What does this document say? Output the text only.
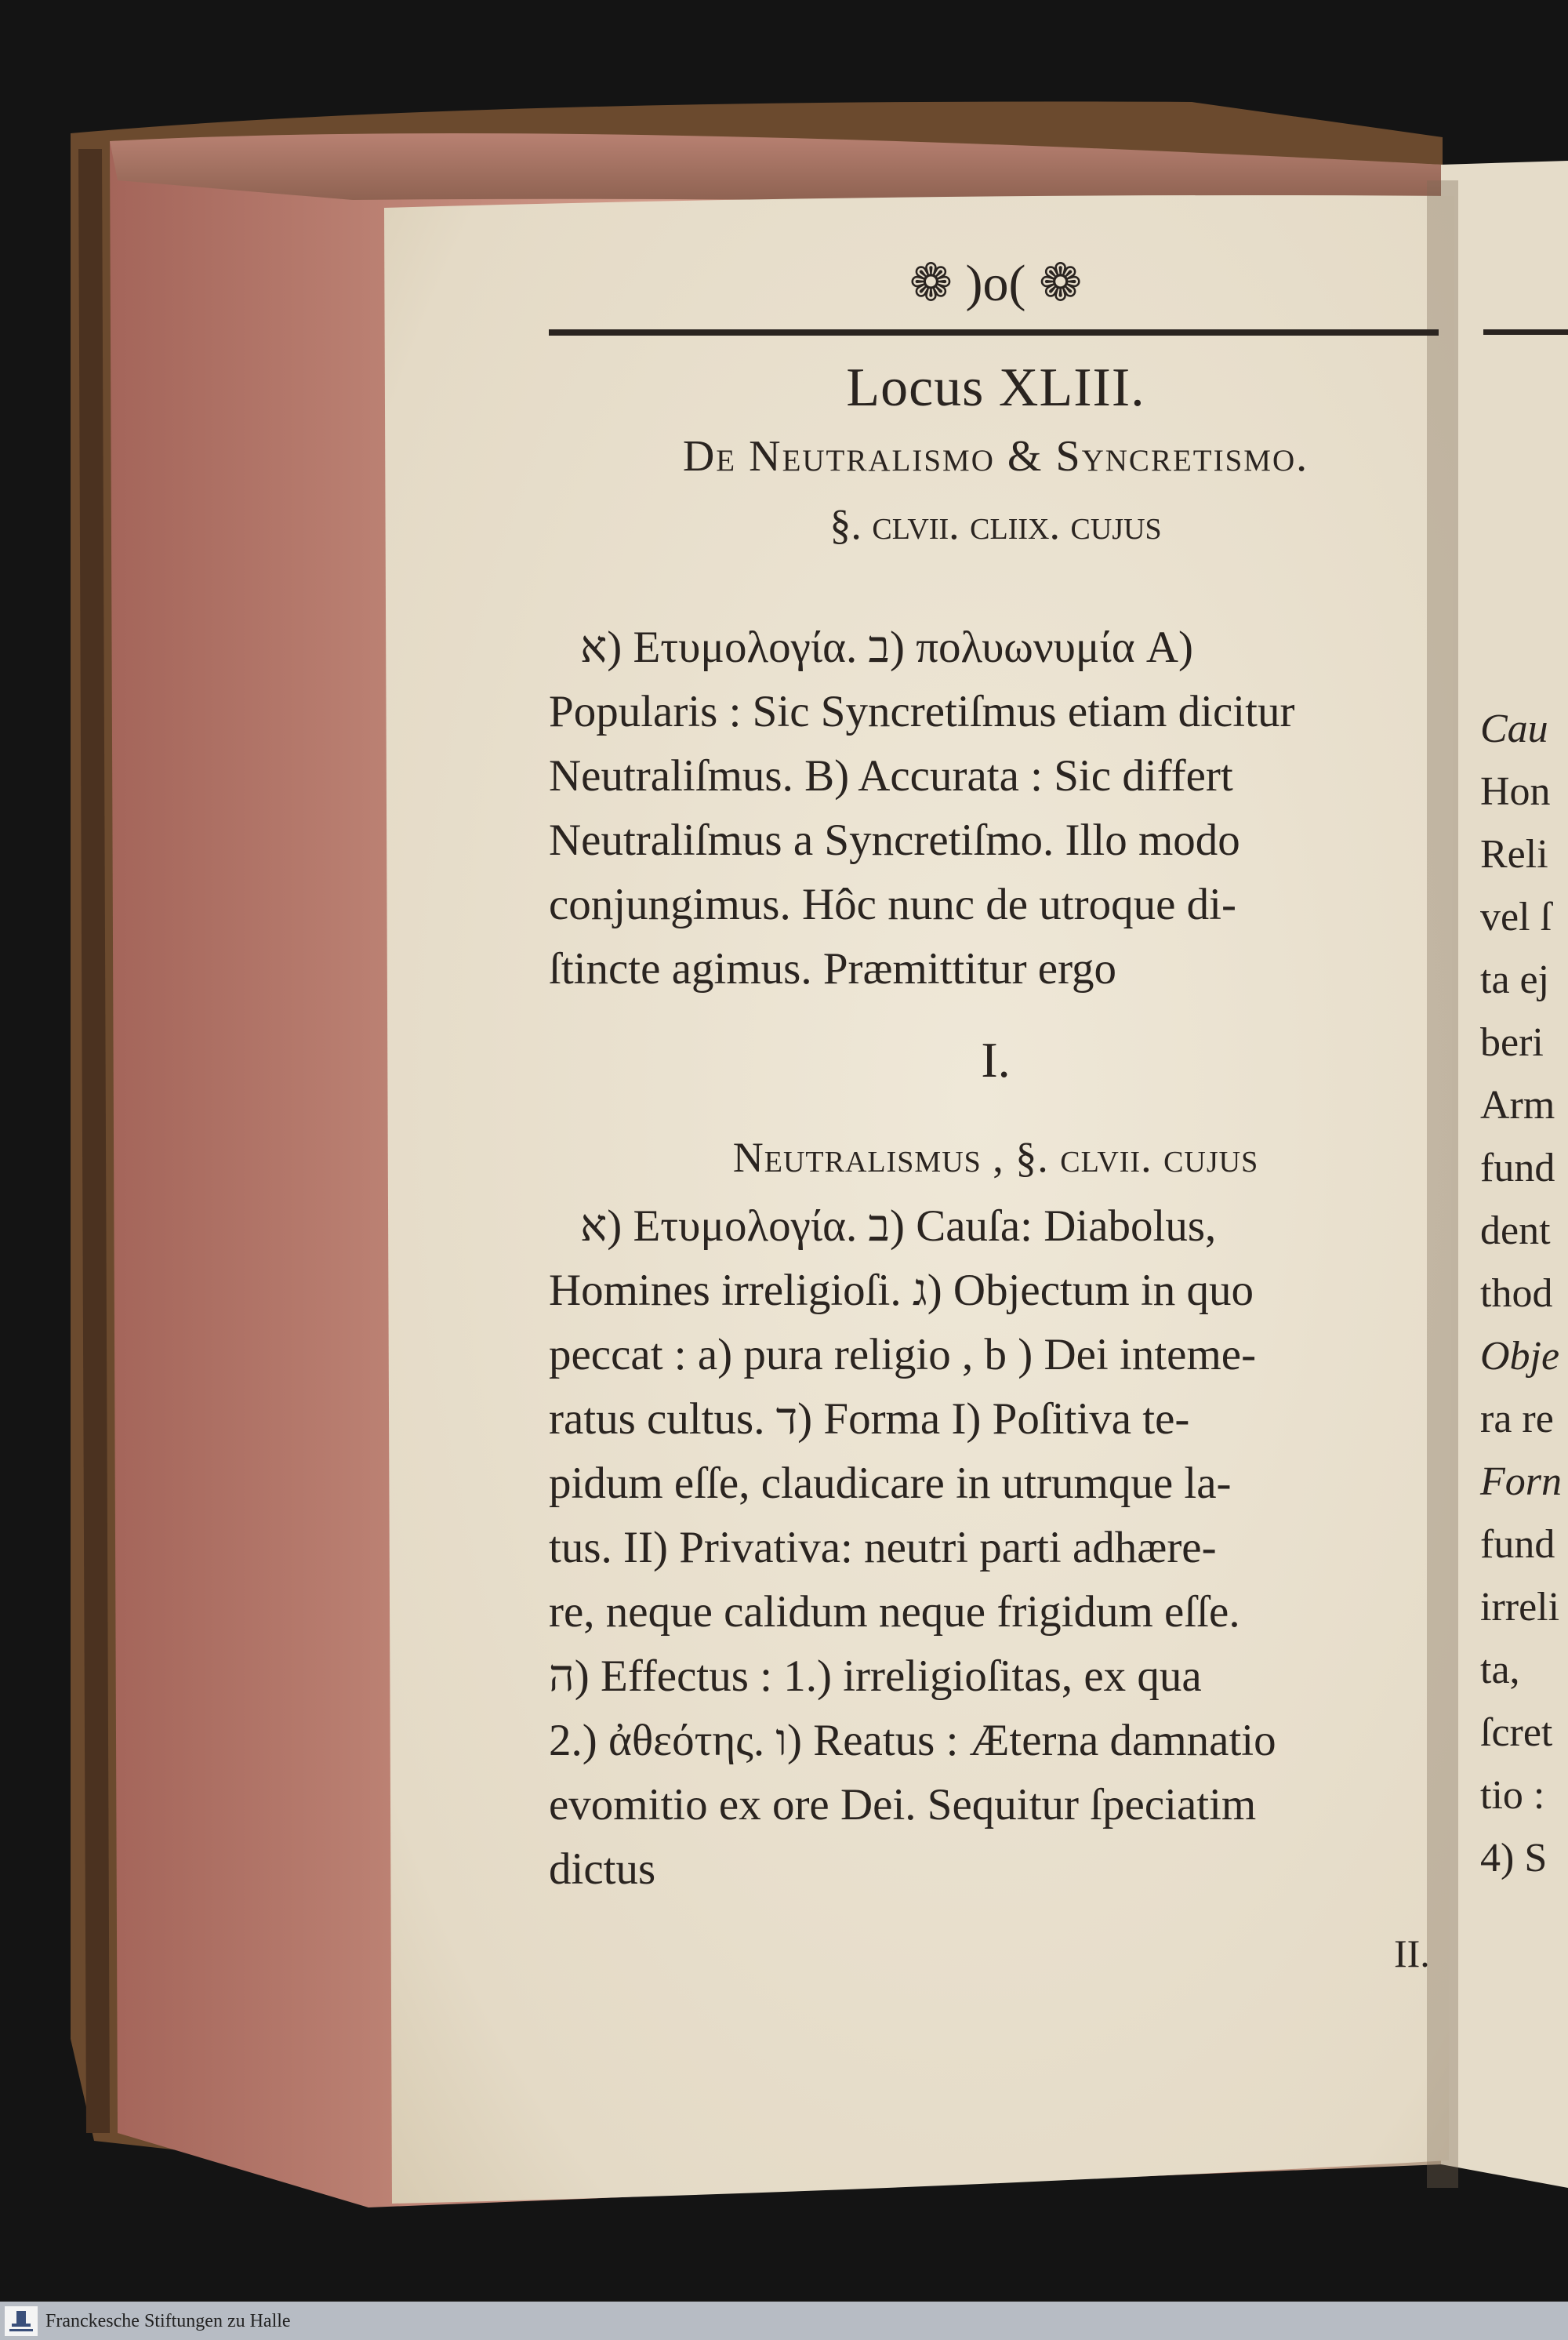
❁ )o( ❁
Locus XLIII.
De Neutralismo & Syncretismo.
§. clvii. cliix. cujus
א) Ετυμολογία. ב) πολυωνυμία A)
Popularis : Sic Syncretiſmus etiam dicitur
Neutraliſmus. B) Accurata : Sic differt
Neutraliſmus a Syncretiſmo. Illo modo
conjungimus. Hôc nunc de utroque di-
ſtincte agimus. Præmittitur ergo
I.
Neutralismus , §. clvii. cujus
א) Ετυμολογία. ב) Cauſa: Diabolus,
Homines irreligioſi. ג) Objectum in quo
peccat : a) pura religio , b ) Dei inteme-
ratus cultus. ד) Forma I) Poſitiva te-
pidum eſſe, claudicare in utrumque la-
tus. II) Privativa: neutri parti adhære-
re, neque calidum neque frigidum eſſe.
ה) Effectus : 1.) irreligioſitas, ex qua
2.) ἀθεότης. ו) Reatus : Æterna damnatio
evomitio ex ore Dei. Sequitur ſpeciatim
dictus
II.
Cau
Hon
Reli
vel ſ
ta ej
beri
Arm
fund
dent
thod
Obje
ra re
Forn
fund
irreli
ta,
ſcret
tio :
4) S
Franckesche Stiftungen zu Halle
